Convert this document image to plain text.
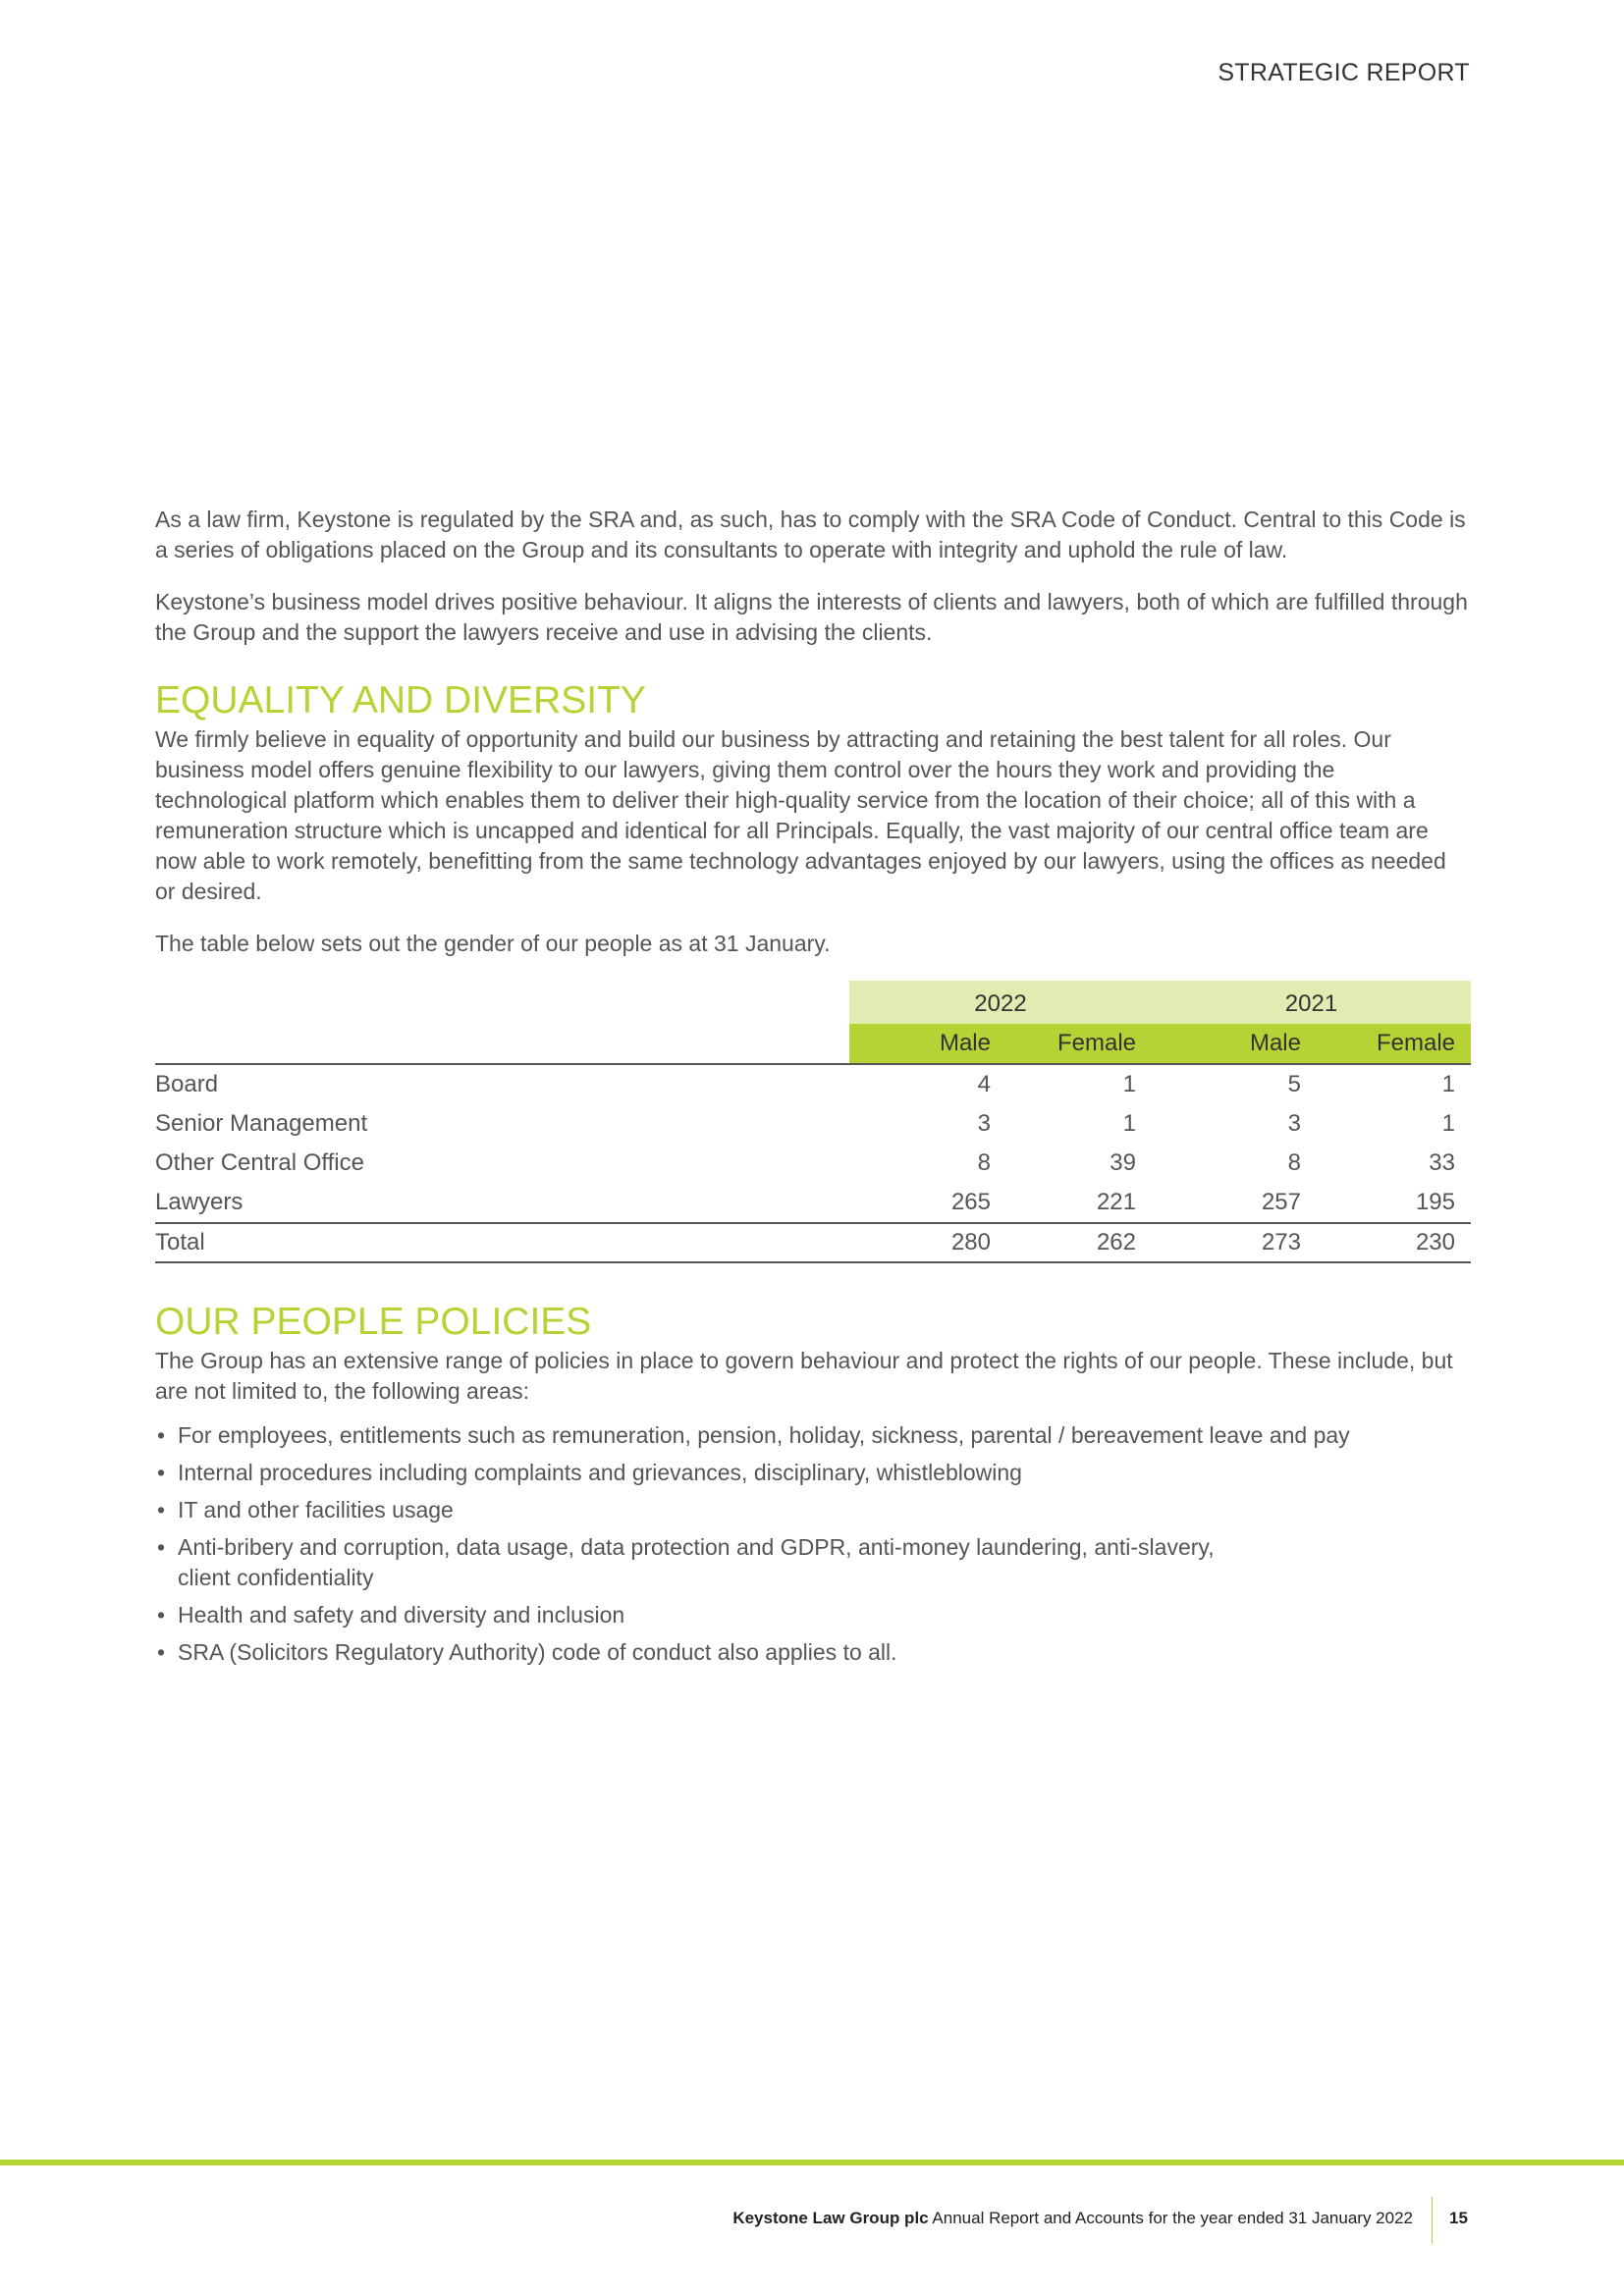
STRATEGIC REPORT

As a law firm, Keystone is regulated by the SRA and, as such, has to comply with the SRA Code of Conduct. Central to this Code is a series of obligations placed on the Group and its consultants to operate with integrity and uphold the rule of law.

Keystone’s business model drives positive behaviour. It aligns the interests of clients and lawyers, both of which are fulfilled through the Group and the support the lawyers receive and use in advising the clients.

EQUALITY AND DIVERSITY

We firmly believe in equality of opportunity and build our business by attracting and retaining the best talent for all roles. Our business model offers genuine flexibility to our lawyers, giving them control over the hours they work and providing the technological platform which enables them to deliver their high-quality service from the location of their choice; all of this with a remuneration structure which is uncapped and identical for all Principals. Equally, the vast majority of our central office team are now able to work remotely, benefitting from the same technology advantages enjoyed by our lawyers, using the offices as needed or desired.

The table below sets out the gender of our people as at 31 January.

	2022		2021	
	Male	Female	Male	Female
Board	4	1	5	1
Senior Management	3	1	3	1
Other Central Office	8	39	8	33
Lawyers	265	221	257	195
Total	280	262	273	230
OUR PEOPLE POLICIES

The Group has an extensive range of policies in place to govern behaviour and protect the rights of our people. These include, but are not limited to, the following areas:

• For employees, entitlements such as remuneration, pension, holiday, sickness, parental / bereavement leave and pay
• Internal procedures including complaints and grievances, disciplinary, whistleblowing
• IT and other facilities usage
• Anti-bribery and corruption, data usage, data protection and GDPR, anti-money laundering, anti-slavery, client confidentiality
• Health and safety and diversity and inclusion
• SRA (Solicitors Regulatory Authority) code of conduct also applies to all.
Keystone Law Group plc Annual Report and Accounts for the year ended 31 January 2022 15
